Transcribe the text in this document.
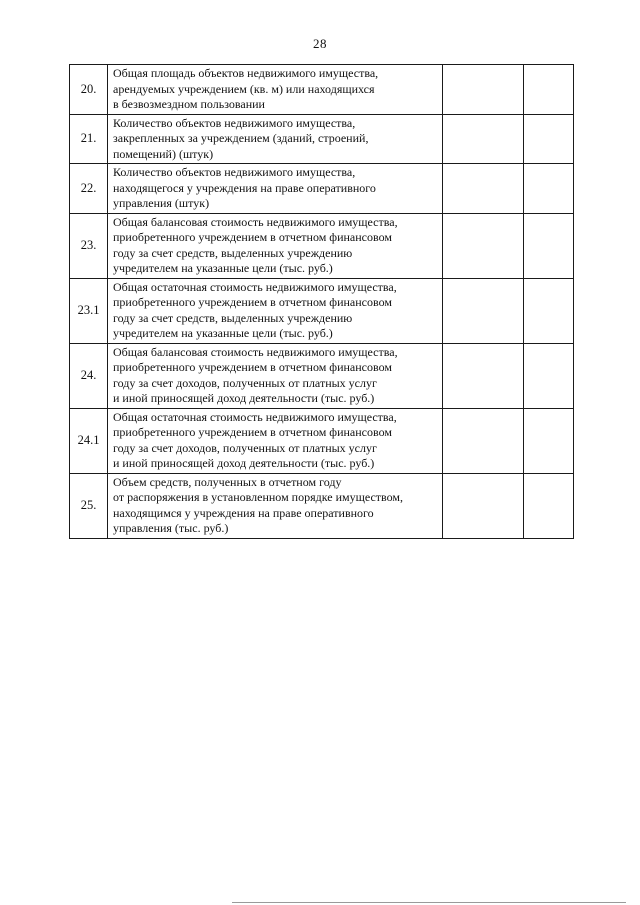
28
20.	Общая площадь объектов недвижимого имущества,
арендуемых учреждением (кв. м) или находящихся
в безвозмездном пользовании		

21.	Количество объектов недвижимого имущества,
закрепленных за учреждением (зданий, строений,
помещений) (штук)		

22.	Количество объектов недвижимого имущества,
находящегося у учреждения на праве оперативного
управления (штук)		

23.	Общая балансовая стоимость недвижимого имущества,
приобретенного учреждением в отчетном финансовом
году за счет средств, выделенных учреждению
учредителем на указанные цели (тыс. руб.)		

23.1	Общая остаточная стоимость недвижимого имущества,
приобретенного учреждением в отчетном финансовом
году за счет средств, выделенных учреждению
учредителем на указанные цели (тыс. руб.)		

24.	Общая балансовая стоимость недвижимого имущества,
приобретенного учреждением в отчетном финансовом
году за счет доходов, полученных от платных услуг
и иной приносящей доход деятельности (тыс. руб.)		

24.1	Общая остаточная стоимость недвижимого имущества,
приобретенного учреждением в отчетном финансовом
году за счет доходов, полученных от платных услуг
и иной приносящей доход деятельности (тыс. руб.)		

25.	Объем средств, полученных в отчетном году
от распоряжения в установленном порядке имуществом,
находящимся у учреждения на праве оперативного
управления (тыс. руб.)		
